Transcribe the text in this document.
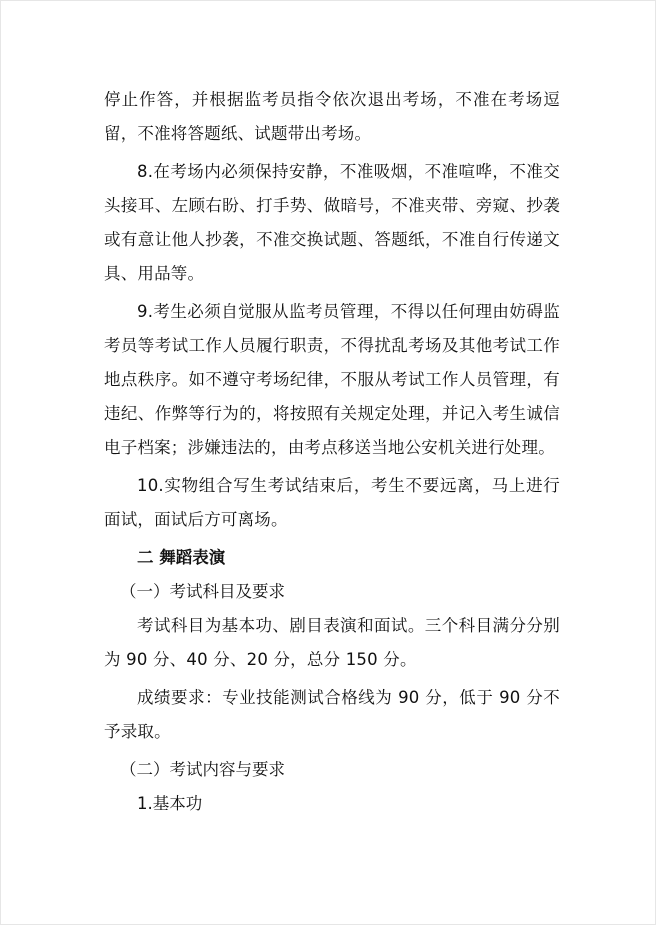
停止作答，并根据监考员指令依次退出考场，不准在考场逗留，不准将答题纸、试题带出考场。

8.在考场内必须保持安静，不准吸烟，不准喧哗，不准交头接耳、左顾右盼、打手势、做暗号，不准夹带、旁窥、抄袭或有意让他人抄袭，不准交换试题、答题纸，不准自行传递文具、用品等。

9.考生必须自觉服从监考员管理，不得以任何理由妨碍监考员等考试工作人员履行职责，不得扰乱考场及其他考试工作地点秩序。如不遵守考场纪律，不服从考试工作人员管理，有违纪、作弊等行为的，将按照有关规定处理，并记入考生诚信电子档案；涉嫌违法的，由考点移送当地公安机关进行处理。

10.实物组合写生考试结束后，考生不要远离，马上进行面试，面试后方可离场。

二 舞蹈表演

（一）考试科目及要求

考试科目为基本功、剧目表演和面试。三个科目满分分别为 90 分、40 分、20 分，总分 150 分。

成绩要求：专业技能测试合格线为 90 分，低于 90 分不予录取。

（二）考试内容与要求

1.基本功
